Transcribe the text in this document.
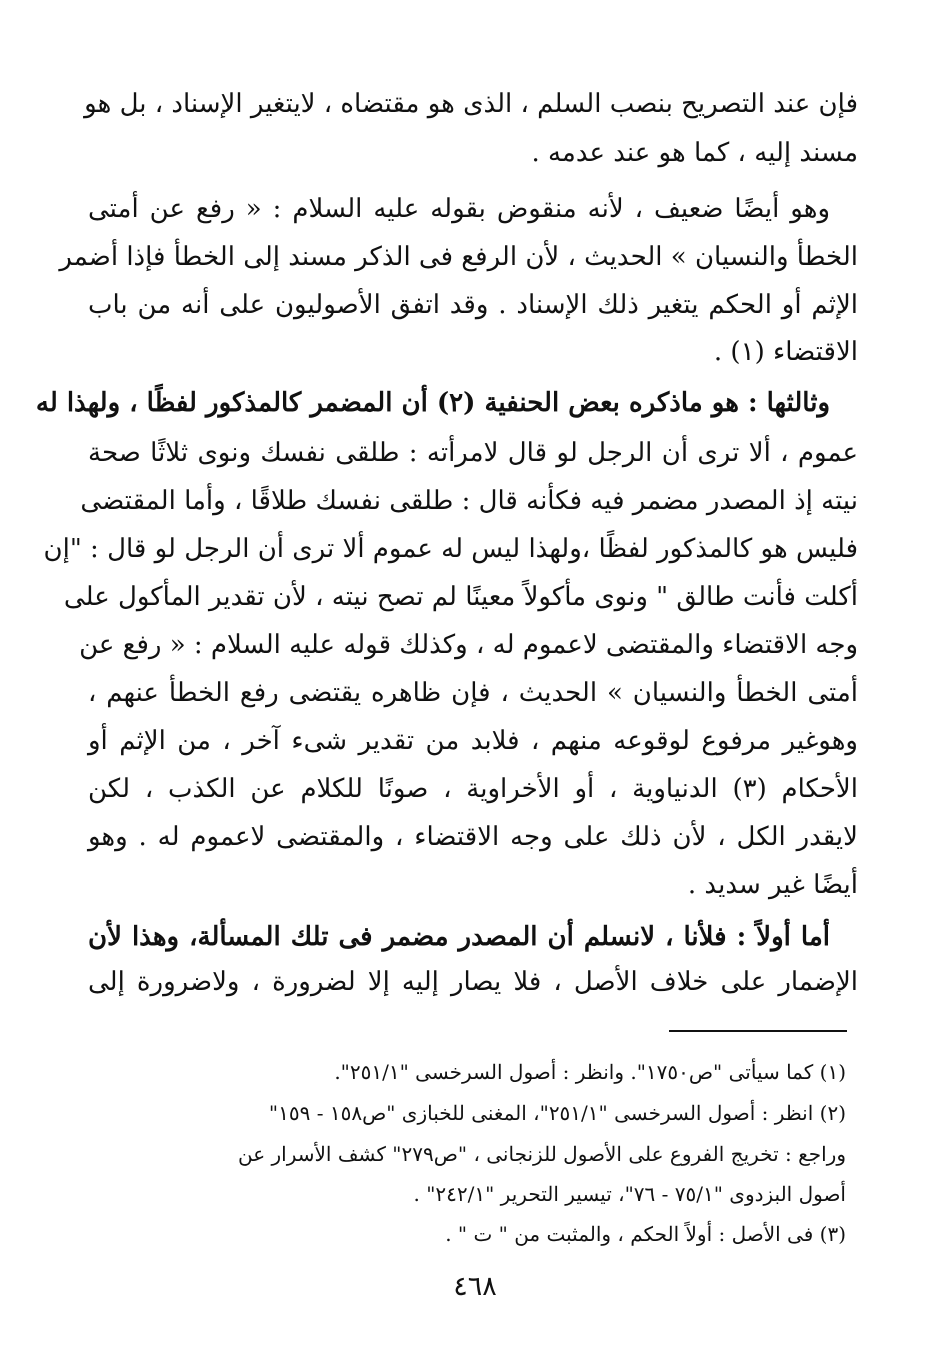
فإن عند التصريح بنصب السلم ، الذى هو مقتضاه ، لايتغير الإسناد ، بل هو
مسند إليه ، كما هو عند عدمه .
وهو أيضًا ضعيف ، لأنه منقوض بقوله عليه السلام : « رفع عن أمتى
الخطأ والنسيان » الحديث ، لأن الرفع فى الذكر مسند إلى الخطأ فإذا أضمر
الإثم أو الحكم يتغير ذلك الإسناد . وقد اتفق الأصوليون على أنه من باب
الاقتضاء (١) .
وثالثها : هو ماذكره بعض الحنفية (٢) أن المضمر كالمذكور لفظًا ، ولهذا له
عموم ، ألا ترى أن الرجل لو قال لامرأته : طلقى نفسك ونوى ثلاثًا صحة
نيته إذ المصدر مضمر فيه فكأنه قال : طلقى نفسك طلاقًا ، وأما المقتضى
فليس هو كالمذكور لفظًا ،ولهذا ليس له عموم ألا ترى أن الرجل لو قال : "إن
أكلت فأنت طالق " ونوى مأكولاً معينًا لم تصح نيته ، لأن تقدير المأكول على
وجه الاقتضاء والمقتضى لاعموم له ، وكذلك قوله عليه السلام : « رفع عن
أمتى الخطأ والنسيان » الحديث ، فإن ظاهره يقتضى رفع الخطأ عنهم ،
وهوغير مرفوع لوقوعه منهم ، فلابد من تقدير شىء آخر ، من الإثم أو
الأحكام (٣) الدنياوية ، أو الأخراوية ، صونًا للكلام عن الكذب ، لكن
لايقدر الكل ، لأن ذلك على وجه الاقتضاء ، والمقتضى لاعموم له . وهو
أيضًا غير سديد .
أما أولاً : فلأنا ، لانسلم أن المصدر مضمر فى تلك المسألة، وهذا لأن
الإضمار على خلاف الأصل ، فلا يصار إليه إلا لضرورة ، ولاضرورة إلى
(١) كما سيأتى "ص١٧٥٠". وانظر : أصول السرخسى "٢٥١/١".
(٢) انظر : أصول السرخسى "٢٥١/١"، المغنى للخبازى "ص١٥٨ - ١٥٩"
وراجع : تخريج الفروع على الأصول للزنجانى ، "ص٢٧٩" كشف الأسرار عن
أصول البزدوى "٧٥/١ - ٧٦"، تيسير التحرير "٢٤٢/١" .
(٣) فى الأصل : أولاً الحكم ، والمثبت من " ت " .
٤٦٨
